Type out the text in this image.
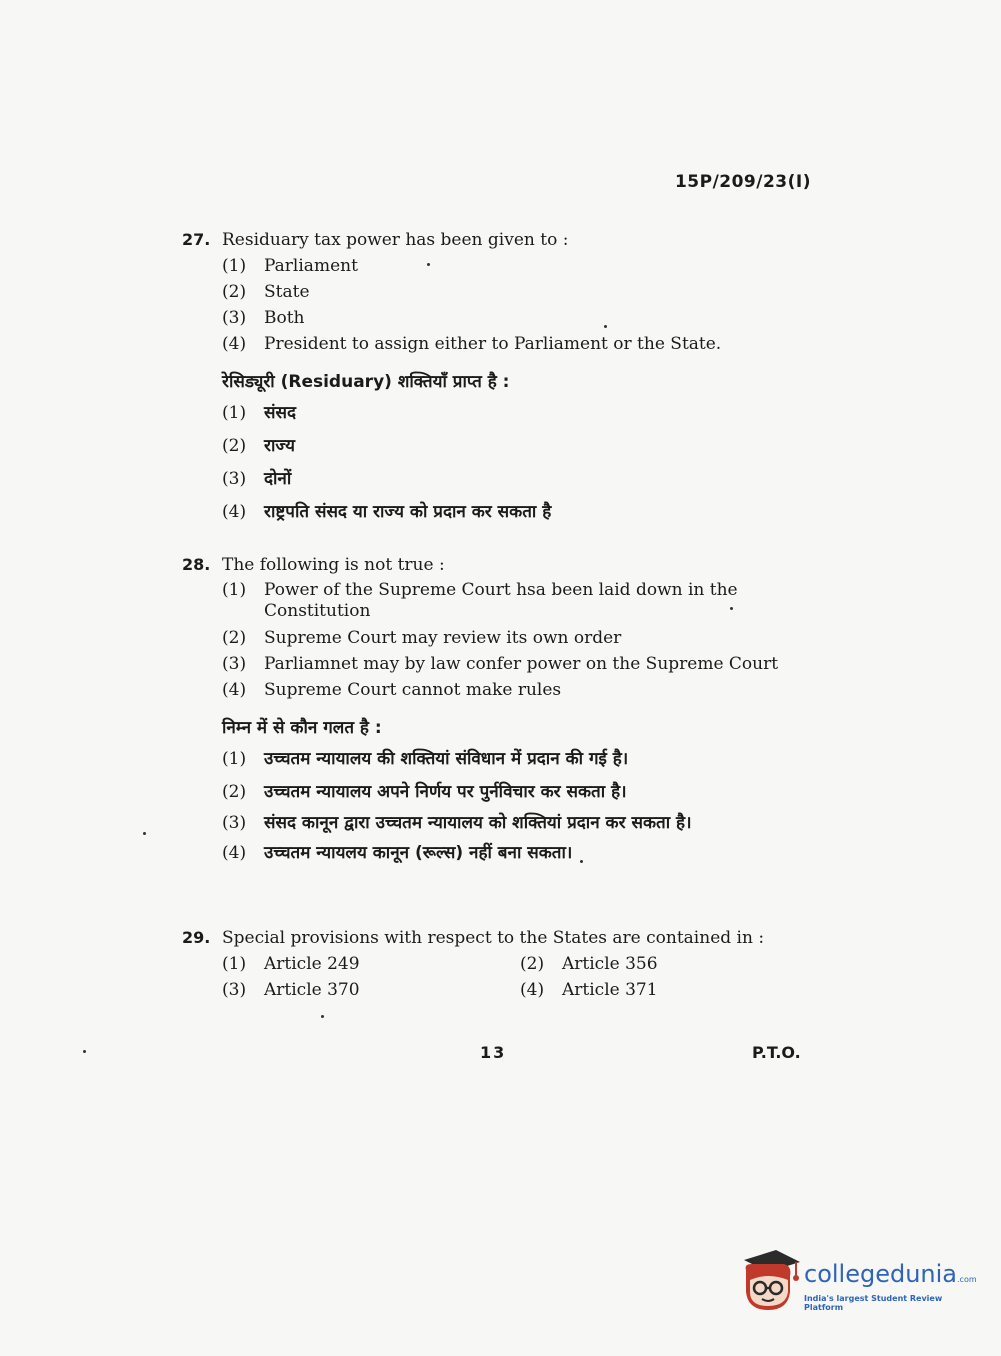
15P/209/23(I)
27. Residuary tax power has been given to :
(1)	Parliament
(2)	State
(3)	Both
(4)	President to assign either to Parliament or the State.
रेसिड्यूरी (Residuary) शक्तियाँ प्राप्त है :
(1)	संसद
(2)	राज्य
(3)	दोनों
(4)	राष्ट्रपति संसद या राज्य को प्रदान कर सकता है
28. The following is not true :
(1)	Power of the Supreme Court hsa been laid down in the Constitution
(2)	Supreme Court may review its own order
(3)	Parliamnet may by law confer power on the Supreme Court
(4)	Supreme Court cannot make rules
निम्न में से कौन गलत है :
(1)	उच्चतम न्यायालय की शक्तियां संविधान में प्रदान की गई है।
(2)	उच्चतम न्यायालय अपने निर्णय पर पुर्नविचार कर सकता है।
(3)	संसद कानून द्वारा उच्चतम न्यायालय को शक्तियां प्रदान कर सकता है।
(4)	उच्चतम न्यायलय कानून (रूल्स) नहीं बना सकता।
29. Special provisions with respect to the States are contained in :
(1)	Article 249	(2)	Article 356
(3)	Article 370	(4)	Article 371
13	P.T.O.
collegedunia.com
India's largest Student Review Platform
